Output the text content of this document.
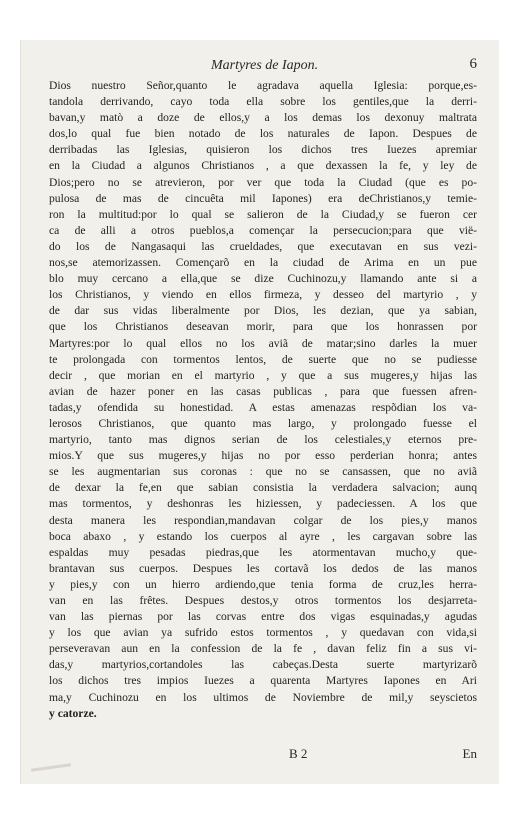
Martyres de Iapon.	6
Dios nuestro Señor,quanto le agradava aquella Iglesia: porque,es-
tandola derrivando, cayo toda ella sobre los gentiles,que la derri-
bavan,y matò a doze de ellos,y a los demas los dexonuy maltrata
dos,lo qual fue bien notado de los naturales de Iapon. Despues de
derribadas las Iglesias, quisieron los dichos tres Iuezes apremiar
en la Ciudad a algunos Christianos , a que dexassen la fe, y ley de
Dios;pero no se atrevieron, por ver que toda la Ciudad (que es po-
pulosa de mas de cincuêta mil Iapones) era deChristianos,y temie-
ron la multitud:por lo qual se salieron de la Ciudad,y se fueron cer
ca de alli a otros pueblos,a començar la persecucion;para que vië-
do los de Nangasaqui las crueldades, que executavan en sus vezi-
nos,se atemorizassen. Començarõ en la ciudad de Arima en un pue
blo muy cercano a ella,que se dize Cuchinozu,y llamando ante si a
los Christianos, y viendo en ellos firmeza, y desseo del martyrio , y
de dar sus vidas liberalmente por Dios, les dezian, que ya sabian,
que los Christianos deseavan morir, para que los honrassen por
Martyres:por lo qual ellos no los aviã de matar;sino darles la muer
te prolongada con tormentos lentos, de suerte que no se pudiesse
decir , que morian en el martyrio , y que a sus mugeres,y hijas las
avian de hazer poner en las casas publicas , para que fuessen afren-
tadas,y ofendida su honestidad. A estas amenazas respõdian los va-
lerosos Christianos, que quanto mas largo, y prolongado fuesse el
martyrio, tanto mas dignos serian de los celestiales,y eternos pre-
mios.Y que sus mugeres,y hijas no por esso perderian honra; antes
se les augmentarian sus coronas : que no se cansassen, que no aviã
de dexar la fe,en que sabian consistia la verdadera salvacion; aunq
mas tormentos, y deshonras les hiziessen, y padeciessen. A los que
desta manera les respondian,mandavan colgar de los pies,y manos
boca abaxo , y estando los cuerpos al ayre , les cargavan sobre las
espaldas muy pesadas piedras,que les atormentavan mucho,y que-
brantavan sus cuerpos. Despues les cortavã los dedos de las manos
y pies,y con un hierro ardiendo,que tenia forma de cruz,les herra-
van en las frêtes. Despues destos,y otros tormentos los desjarreta-
van las piernas por las corvas entre dos vigas esquinadas,y agudas
y los que avian ya sufrido estos tormentos , y quedavan con vida,si
perseveravan aun en la confession de la fe , davan feliz fin a sus vi-
das,y martyrios,cortandoles las cabeças.Desta suerte martyrizarõ
los dichos tres impios Iuezes a quarenta Martyres Iapones en Ari
ma,y Cuchinozu en los ultimos de Noviembre de mil,y seyscietos
y catorze.
B 2	En
